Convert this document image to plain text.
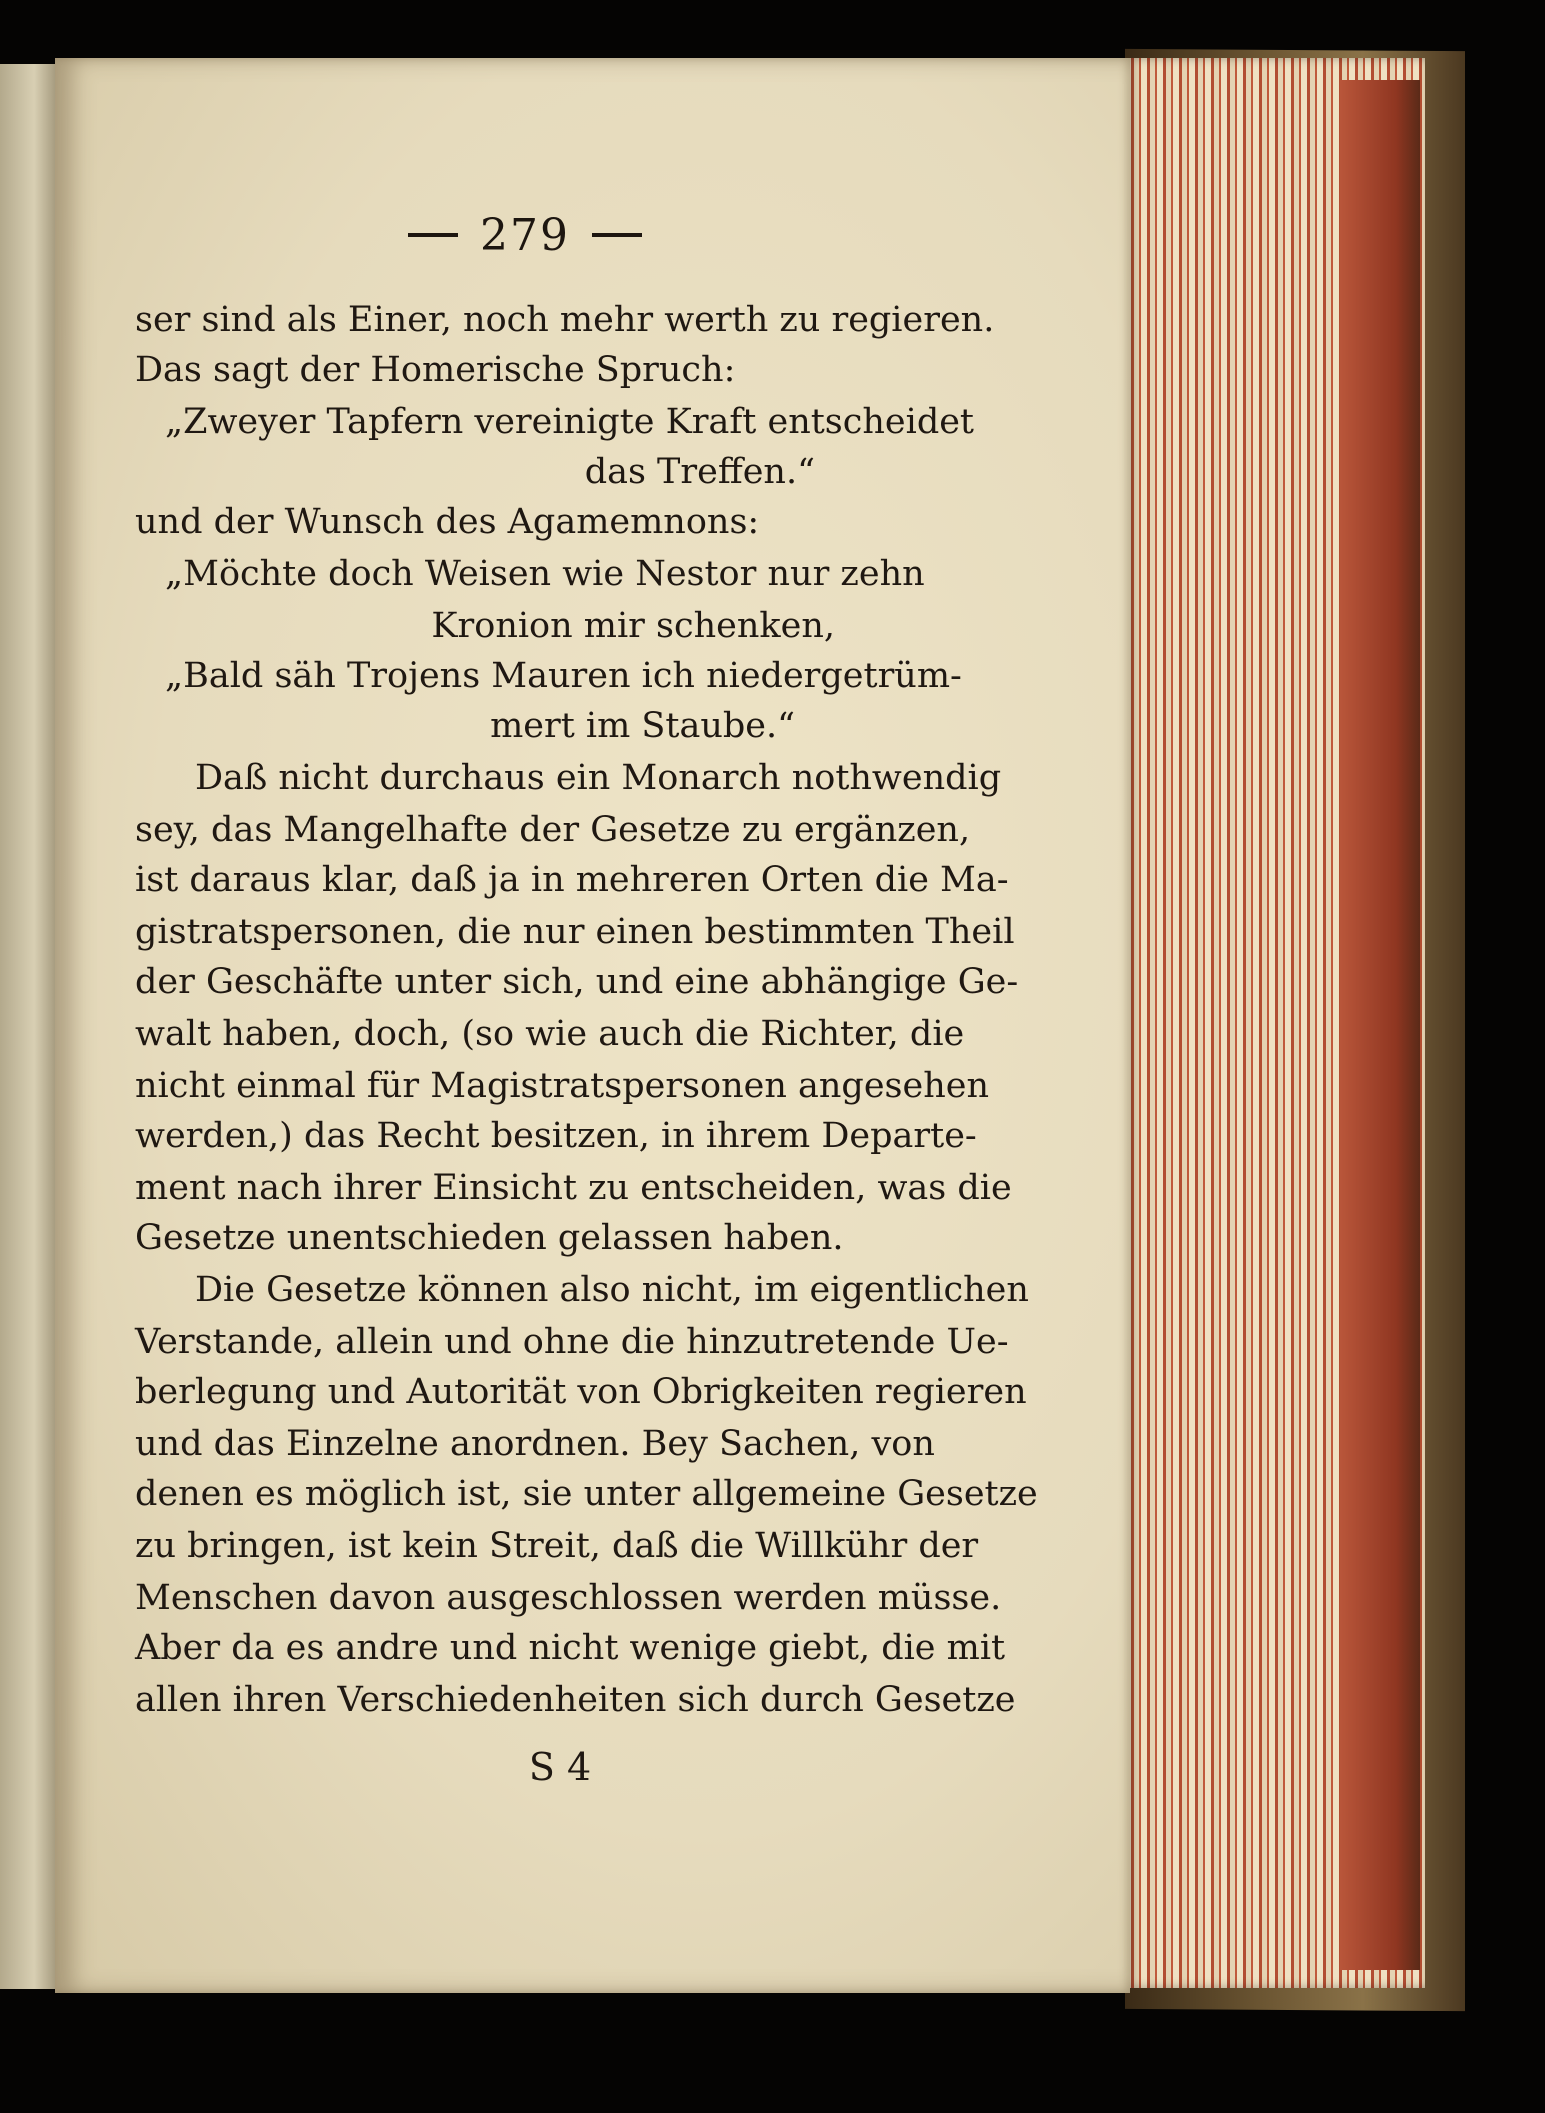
279
ser sind als Einer, noch mehr werth zu regieren.
Das sagt der Homerische Spruch:
„Zweyer Tapfern vereinigte Kraft entscheidet
das Treffen.“
und der Wunsch des Agamemnons:
„Möchte doch Weisen wie Nestor nur zehn
Kronion mir schenken,
„Bald säh Trojens Mauren ich niedergetrüm-
mert im Staube.“
Daß nicht durchaus ein Monarch nothwendig
sey, das Mangelhafte der Gesetze zu ergänzen,
ist daraus klar, daß ja in mehreren Orten die Ma-
gistratspersonen, die nur einen bestimmten Theil
der Geschäfte unter sich, und eine abhängige Ge-
walt haben, doch, (so wie auch die Richter, die
nicht einmal für Magistratspersonen angesehen
werden,) das Recht besitzen, in ihrem Departe-
ment nach ihrer Einsicht zu entscheiden, was die
Gesetze unentschieden gelassen haben.
Die Gesetze können also nicht, im eigentlichen
Verstande, allein und ohne die hinzutretende Ue-
berlegung und Autorität von Obrigkeiten regieren
und das Einzelne anordnen. Bey Sachen, von
denen es möglich ist, sie unter allgemeine Gesetze
zu bringen, ist kein Streit, daß die Willkühr der
Menschen davon ausgeschlossen werden müsse.
Aber da es andre und nicht wenige giebt, die mit
allen ihren Verschiedenheiten sich durch Gesetze
S 4
